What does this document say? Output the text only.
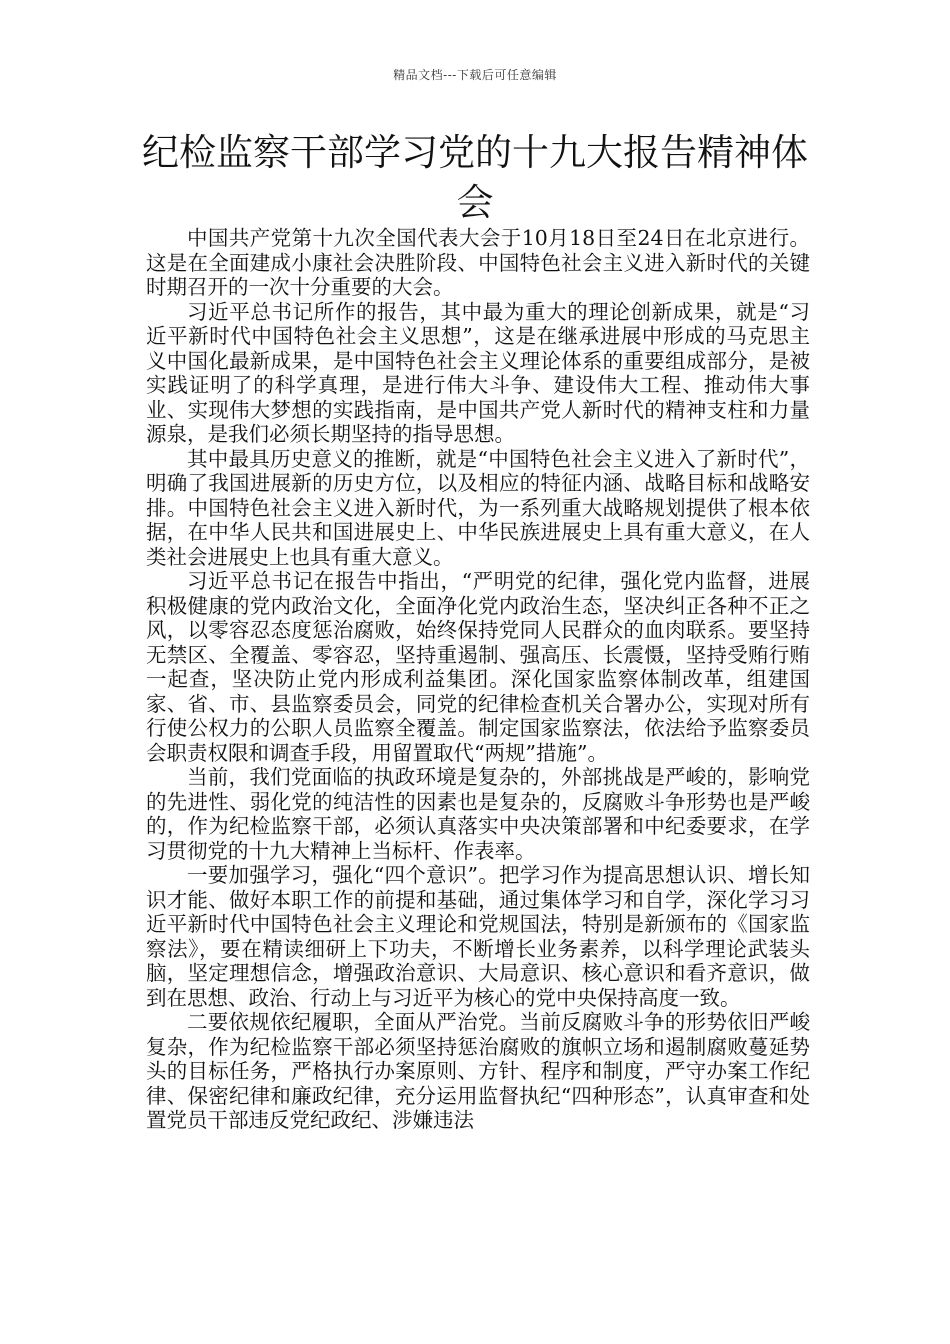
精品文档---下载后可任意编辑
纪检监察干部学习党的十九大报告精神体会

中国共产党第十九次全国代表大会于10月18日至24日在北京进行。这是在全面建成小康社会决胜阶段、中国特色社会主义进入新时代的关键时期召开的一次十分重要的大会。

习近平总书记所作的报告，其中最为重大的理论创新成果，就是“习近平新时代中国特色社会主义思想”，这是在继承进展中形成的马克思主义中国化最新成果，是中国特色社会主义理论体系的重要组成部分，是被实践证明了的科学真理，是进行伟大斗争、建设伟大工程、推动伟大事业、实现伟大梦想的实践指南，是中国共产党人新时代的精神支柱和力量源泉，是我们必须长期坚持的指导思想。

其中最具历史意义的推断，就是“中国特色社会主义进入了新时代”，明确了我国进展新的历史方位，以及相应的特征内涵、战略目标和战略安排。中国特色社会主义进入新时代，为一系列重大战略规划提供了根本依据，在中华人民共和国进展史上、中华民族进展史上具有重大意义，在人类社会进展史上也具有重大意义。

习近平总书记在报告中指出，“严明党的纪律，强化党内监督，进展积极健康的党内政治文化，全面净化党内政治生态，坚决纠正各种不正之风，以零容忍态度惩治腐败，始终保持党同人民群众的血肉联系。要坚持无禁区、全覆盖、零容忍，坚持重遏制、强高压、长震慑，坚持受贿行贿一起查，坚决防止党内形成利益集团。深化国家监察体制改革，组建国家、省、市、县监察委员会，同党的纪律检查机关合署办公，实现对所有行使公权力的公职人员监察全覆盖。制定国家监察法，依法给予监察委员会职责权限和调查手段，用留置取代“两规”措施”。

当前，我们党面临的执政环境是复杂的，外部挑战是严峻的，影响党的先进性、弱化党的纯洁性的因素也是复杂的，反腐败斗争形势也是严峻的，作为纪检监察干部，必须认真落实中央决策部署和中纪委要求，在学习贯彻党的十九大精神上当标杆、作表率。

一要加强学习，强化“四个意识”。把学习作为提高思想认识、增长知识才能、做好本职工作的前提和基础，通过集体学习和自学，深化学习习近平新时代中国特色社会主义理论和党规国法，特别是新颁布的《国家监察法》，要在精读细研上下功夫，不断增长业务素养，以科学理论武装头脑，坚定理想信念，增强政治意识、大局意识、核心意识和看齐意识，做到在思想、政治、行动上与习近平为核心的党中央保持高度一致。

二要依规依纪履职，全面从严治党。当前反腐败斗争的形势依旧严峻复杂，作为纪检监察干部必须坚持惩治腐败的旗帜立场和遏制腐败蔓延势头的目标任务，严格执行办案原则、方针、程序和制度，严守办案工作纪律、保密纪律和廉政纪律，充分运用监督执纪“四种形态”，认真审查和处置党员干部违反党纪政纪、涉嫌违法
